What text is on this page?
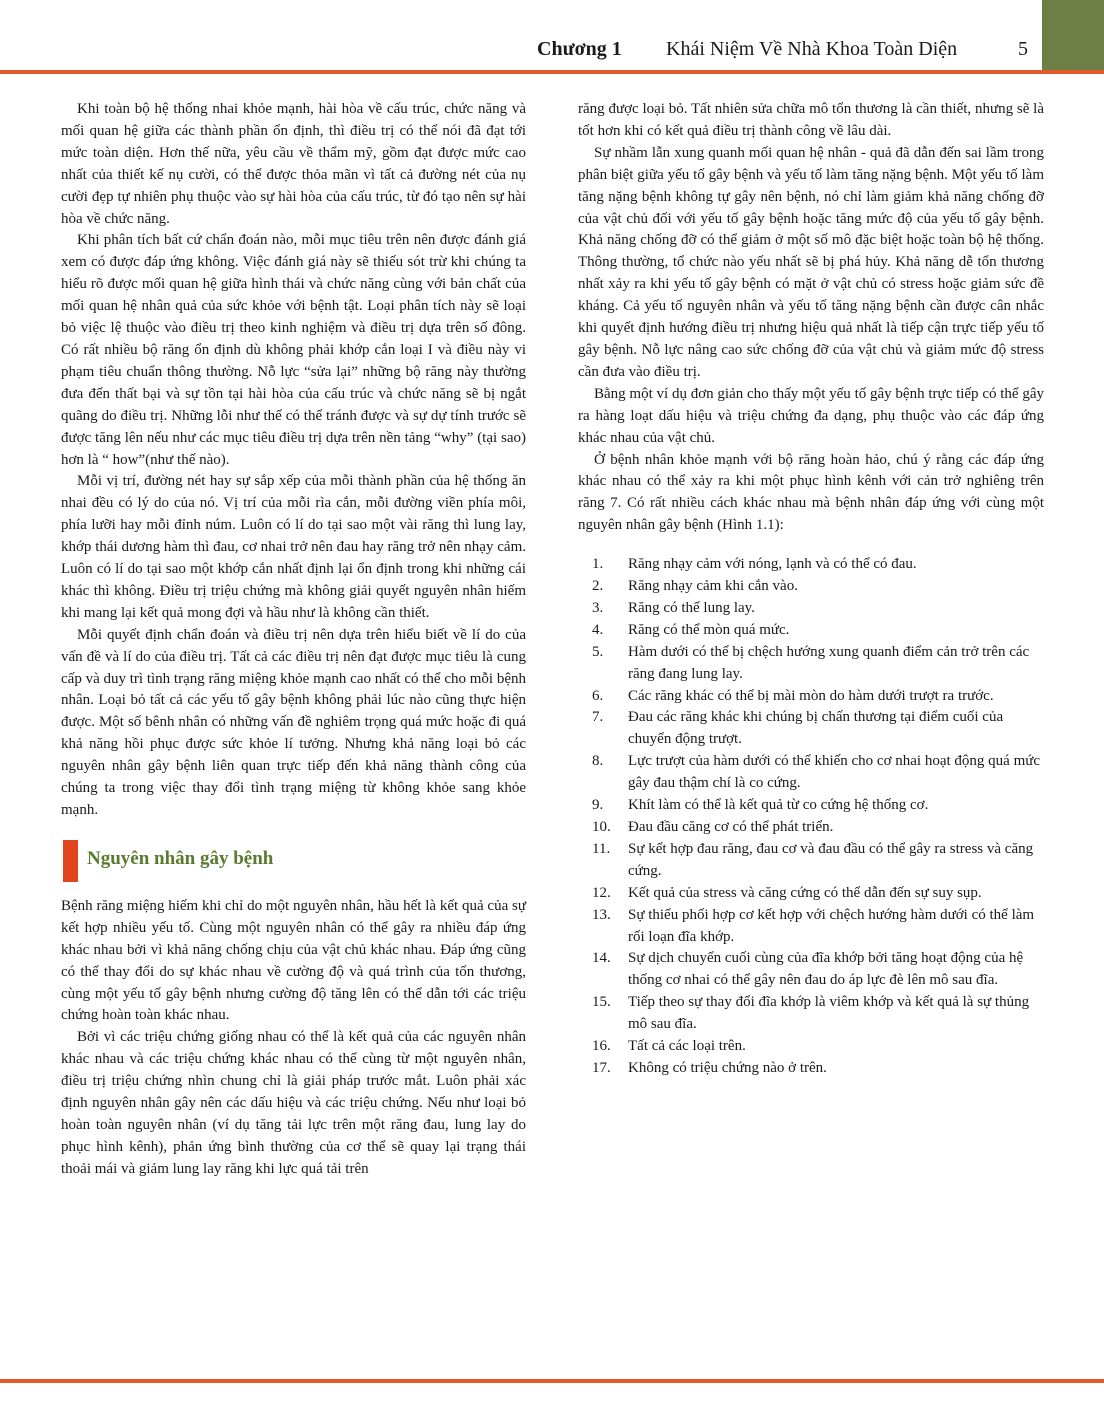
Chương 1 Khái Niệm Về Nhà Khoa Toàn Diện	5

Khi toàn bộ hệ thống nhai khỏe mạnh, hài hòa về cấu trúc, chức năng và mối quan hệ giữa các thành phần ổn định, thì điều trị có thể nói đã đạt tới mức toàn diện. Hơn thế nữa, yêu cầu về thẩm mỹ, gồm đạt được mức cao nhất của thiết kế nụ cười, có thể được thỏa mãn vì tất cả đường nét của nụ cười đẹp tự nhiên phụ thuộc vào sự hài hòa của cấu trúc, từ đó tạo nên sự hài hòa về chức năng.

Khi phân tích bất cứ chẩn đoán nào, mỗi mục tiêu trên nên được đánh giá xem có được đáp ứng không. Việc đánh giá này sẽ thiếu sót trừ khi chúng ta hiểu rõ được mối quan hệ giữa hình thái và chức năng cùng với bản chất của mối quan hệ nhân quả của sức khỏe với bệnh tật. Loại phân tích này sẽ loại bỏ việc lệ thuộc vào điều trị theo kinh nghiệm và điều trị dựa trên số đông. Có rất nhiều bộ răng ổn định dù không phải khớp cắn loại I và điều này vi phạm tiêu chuẩn thông thường. Nỗ lực “sửa lại” những bộ răng này thường đưa đến thất bại và sự tồn tại hài hòa của cấu trúc và chức năng sẽ bị ngắt quãng do điều trị. Những lỗi như thế có thể tránh được và sự dự tính trước sẽ được tăng lên nếu như các mục tiêu điều trị dựa trên nền tảng “why” (tại sao) hơn là “ how”(như thế nào).

Mỗi vị trí, đường nét hay sự sắp xếp của mỗi thành phần của hệ thống ăn nhai đều có lý do của nó. Vị trí của mỗi rìa cắn, mỗi đường viền phía môi, phía lưỡi hay mỗi đỉnh núm. Luôn có lí do tại sao một vài răng thì lung lay, khớp thái dương hàm thì đau, cơ nhai trở nên đau hay răng trở nên nhạy cảm. Luôn có lí do tại sao một khớp cắn nhất định lại ổn định trong khi những cái khác thì không. Điều trị triệu chứng mà không giải quyết nguyên nhân hiếm khi mang lại kết quả mong đợi và hầu như là không cần thiết.

Mỗi quyết định chẩn đoán và điều trị nên dựa trên hiểu biết về lí do của vấn đề và lí do của điều trị. Tất cả các điều trị nên đạt được mục tiêu là cung cấp và duy trì tình trạng răng miệng khỏe mạnh cao nhất có thể cho mỗi bệnh nhân. Loại bỏ tất cả các yếu tố gây bệnh không phải lúc nào cũng thực hiện được. Một số bênh nhân có những vấn đề nghiêm trọng quá mức hoặc đi quá khả năng hồi phục được sức khỏe lí tưởng. Nhưng khả năng loại bỏ các nguyên nhân gây bệnh liên quan trực tiếp đến khả năng thành công của chúng ta trong việc thay đổi tình trạng miệng từ không khỏe sang khỏe mạnh.

Nguyên nhân gây bệnh

Bệnh răng miệng hiếm khi chỉ do một nguyên nhân, hầu hết là kết quả của sự kết hợp nhiều yếu tố. Cùng một nguyên nhân có thể gây ra nhiều đáp ứng khác nhau bởi vì khả năng chống chịu của vật chủ khác nhau. Đáp ứng cũng có thể thay đổi do sự khác nhau về cường độ và quá trình của tổn thương, cùng một yếu tố gây bệnh nhưng cường độ tăng lên có thể dẫn tới các triệu chứng hoàn toàn khác nhau.

Bởi vì các triệu chứng giống nhau có thể là kết quả của các nguyên nhân khác nhau và các triệu chứng khác nhau có thể cùng từ một nguyên nhân, điều trị triệu chứng nhìn chung chỉ là giải pháp trước mắt. Luôn phải xác định nguyên nhân gây nên các dấu hiệu và các triệu chứng. Nếu như loại bỏ hoàn toàn nguyên nhân (ví dụ tăng tải lực trên một răng đau, lung lay do phục hình kênh), phản ứng bình thường của cơ thể sẽ quay lại trạng thái thoải mái và giảm lung lay răng khi lực quá tải trên

răng được loại bỏ. Tất nhiên sửa chữa mô tổn thương là cần thiết, nhưng sẽ là tốt hơn khi có kết quả điều trị thành công về lâu dài.

Sự nhầm lẫn xung quanh mối quan hệ nhân - quả đã dẫn đến sai lầm trong phân biệt giữa yếu tố gây bệnh và yếu tố làm tăng nặng bệnh. Một yếu tố làm tăng nặng bệnh không tự gây nên bệnh, nó chỉ làm giảm khả năng chống đỡ của vật chủ đối với yếu tố gây bệnh hoặc tăng mức độ của yếu tố gây bệnh. Khả năng chống đỡ có thể giảm ở một số mô đặc biệt hoặc toàn bộ hệ thống. Thông thường, tổ chức nào yếu nhất sẽ bị phá hủy. Khả năng dễ tổn thương nhất xảy ra khi yếu tố gây bệnh có mặt ở vật chủ có stress hoặc giảm sức đề kháng. Cả yếu tố nguyên nhân và yếu tố tăng nặng bệnh cần được cân nhắc khi quyết định hướng điều trị nhưng hiệu quả nhất là tiếp cận trực tiếp yếu tố gây bệnh. Nỗ lực nâng cao sức chống đỡ của vật chủ và giảm mức độ stress cần đưa vào điều trị.

Bằng một ví dụ đơn giản cho thấy một yếu tố gây bệnh trực tiếp có thể gây ra hàng loạt dấu hiệu và triệu chứng đa dạng, phụ thuộc vào các đáp ứng khác nhau của vật chủ.

Ở bệnh nhân khỏe mạnh với bộ răng hoàn hảo, chú ý rằng các đáp ứng khác nhau có thể xảy ra khi một phục hình kênh với cản trở nghiêng trên răng 7. Có rất nhiều cách khác nhau mà bệnh nhân đáp ứng với cùng một nguyên nhân gây bệnh (Hình 1.1):

1. Răng nhạy cảm với nóng, lạnh và có thể có đau.
2. Răng nhạy cảm khi cắn vào.
3. Răng có thể lung lay.
4. Răng có thể mòn quá mức.
5. Hàm dưới có thể bị chệch hướng xung quanh điểm cản trở trên các răng đang lung lay.
6. Các răng khác có thể bị mài mòn do hàm dưới trượt ra trước.
7. Đau các răng khác khi chúng bị chấn thương tại điểm cuối của chuyển động trượt.
8. Lực trượt của hàm dưới có thể khiến cho cơ nhai hoạt động quá mức gây đau thậm chí là co cứng.
9. Khít làm có thể là kết quả từ co cứng hệ thống cơ.
10. Đau đầu căng cơ có thể phát triển.
11. Sự kết hợp đau răng, đau cơ và đau đầu có thể gây ra stress và căng cứng.
12. Kết quả của stress và căng cứng có thể dẫn đến sự suy sụp.
13. Sự thiếu phối hợp cơ kết hợp với chệch hướng hàm dưới có thể làm rối loạn đĩa khớp.
14. Sự dịch chuyển cuối cùng của đĩa khớp bởi tăng hoạt động của hệ thống cơ nhai có thể gây nên đau do áp lực đè lên mô sau đĩa.
15. Tiếp theo sự thay đổi đĩa khớp là viêm khớp và kết quả là sự thủng mô sau đĩa.
16. Tất cả các loại trên.
17. Không có triệu chứng nào ở trên.
